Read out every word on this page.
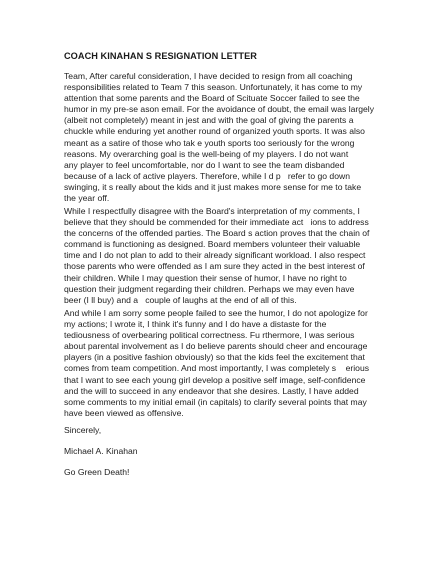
COACH KINAHAN S RESIGNATION LETTER
Team, After careful consideration, I have decided to resign from all coaching
responsibilities related to Team 7 this season. Unfortunately, it has come to my
attention that some parents and the Board of Scituate Soccer failed to see the
humor in my pre-se ason email. For the avoidance of doubt, the email was largely
(albeit not completely) meant in jest and with the goal of giving the parents a
chuckle while enduring yet another round of organized youth sports. It was also
meant as a satire of those who tak e youth sports too seriously for the wrong
reasons. My overarching goal is the well-being of my players. I do not want
any player to feel uncomfortable, nor do I want to see the team disbanded
because of a lack of active players. Therefore, while I d p   refer to go down
swinging, it s really about the kids and it just makes more sense for me to take
the year off.
While I respectfully disagree with the Board's interpretation of my comments, I
believe that they should be commended for their immediate act   ions to address
the concerns of the offended parties. The Board s action proves that the chain of
command is functioning as designed. Board members volunteer their valuable
time and I do not plan to add to their already significant workload. I also respect
those parents who were offended as I am sure they acted in the best interest of
their children. While I may question their sense of humor, I have no right to
question their judgment regarding their children. Perhaps we may even have
beer (I ll buy) and a   couple of laughs at the end of all of this.
And while I am sorry some people failed to see the humor, I do not apologize for
my actions; I wrote it, I think it's funny and I do have a distaste for the
tediousness of overbearing political correctness. Fu rthermore, I was serious
about parental involvement as I do believe parents should cheer and encourage
players (in a positive fashion obviously) so that the kids feel the excitement that
comes from team competition. And most importantly, I was completely s    erious
that I want to see each young girl develop a positive self image, self-confidence
and the will to succeed in any endeavor that she desires. Lastly, I have added
some comments to my initial email (in capitals) to clarify several points that may
have been viewed as offensive.
Sincerely,
Michael A. Kinahan
Go Green Death!
